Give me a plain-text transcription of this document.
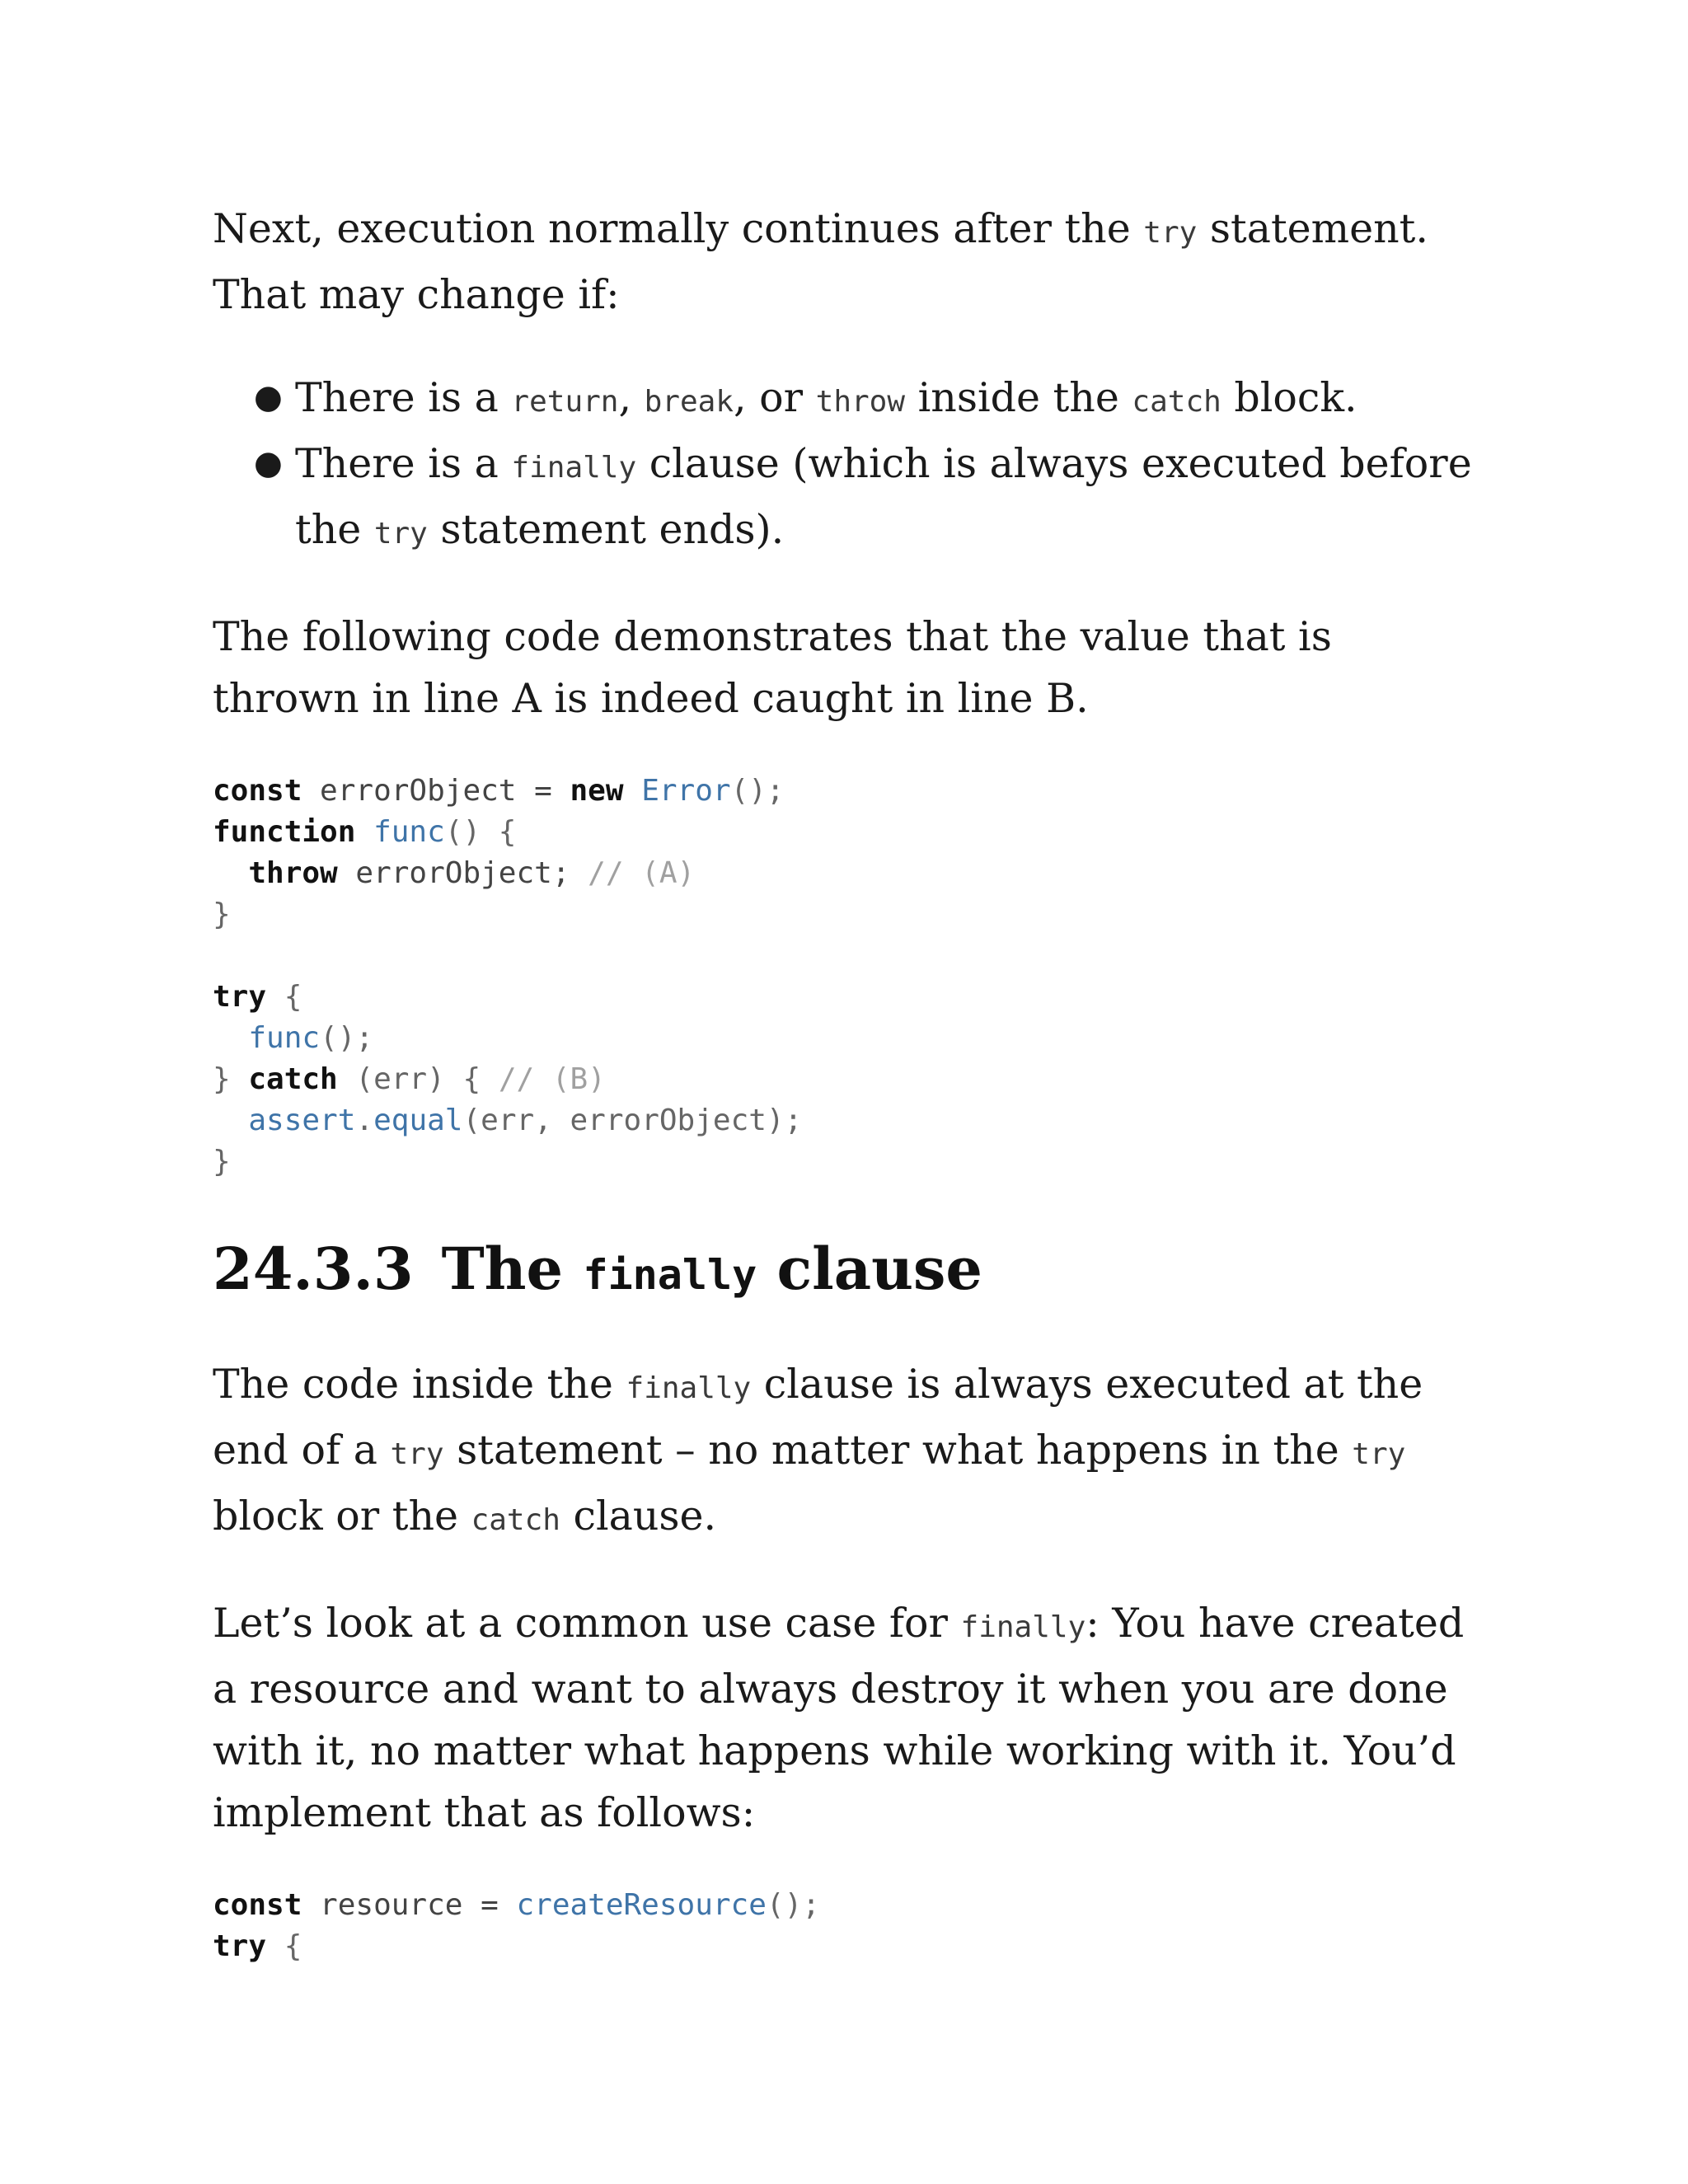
Next, execution normally continues after the try statement. That may change if:

● There is a return, break, or throw inside the catch block.
● There is a finally clause (which is always executed before the try statement ends).

The following code demonstrates that the value that is thrown in line A is indeed caught in line B.

const errorObject = new Error();
function func() {
throw errorObject; // (A)
}

try {
func();
} catch (err) { // (B)
assert.equal(err, errorObject);
}
24.3.3 The finally clause

The code inside the finally clause is always executed at the end of a try statement – no matter what happens in the try block or the catch clause.

Let’s look at a common use case for finally: You have created a resource and want to always destroy it when you are done with it, no matter what happens while working with it. You’d implement that as follows:

const resource = createResource();
try {
